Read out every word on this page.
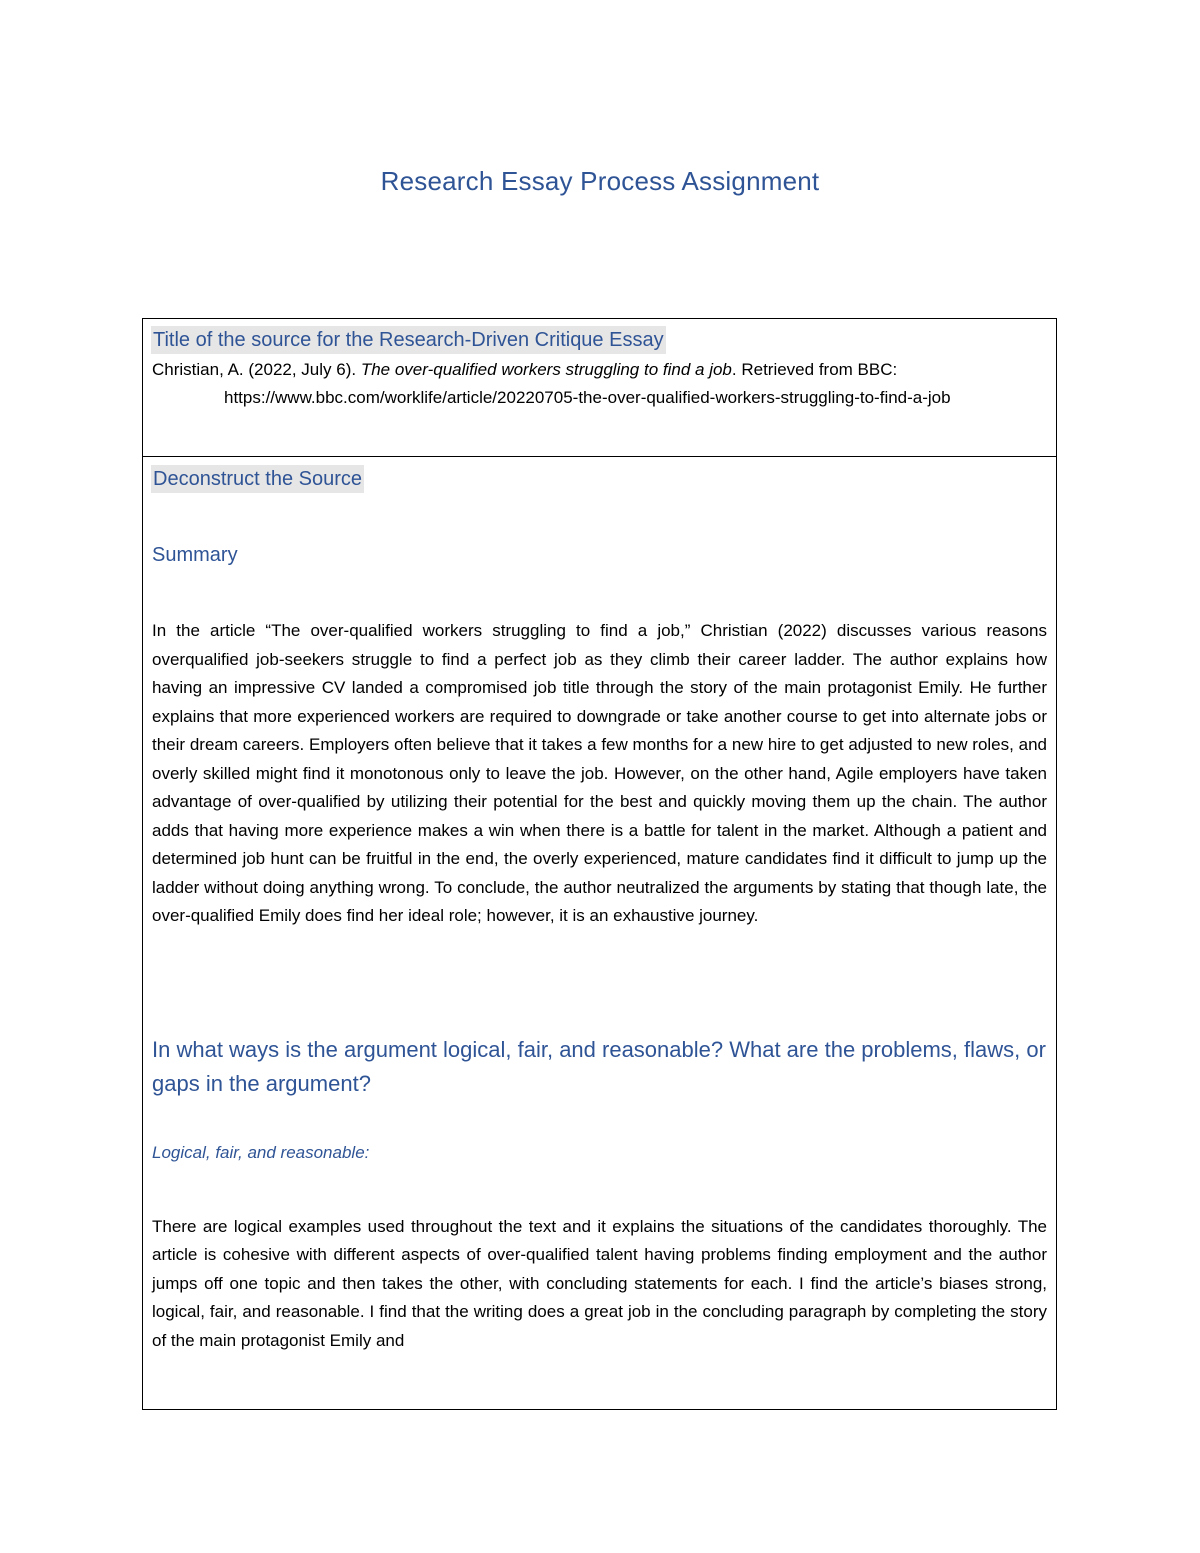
Research Essay Process Assignment
Title of the source for the Research-Driven Critique Essay
Christian, A. (2022, July 6). The over-qualified workers struggling to find a job. Retrieved from BBC: https://www.bbc.com/worklife/article/20220705-the-over-qualified-workers-struggling-to-find-a-job
Deconstruct the Source

Summary

In the article “The over-qualified workers struggling to find a job,” Christian (2022) discusses various reasons overqualified job-seekers struggle to find a perfect job as they climb their career ladder. The author explains how having an impressive CV landed a compromised job title through the story of the main protagonist Emily. He further explains that more experienced workers are required to downgrade or take another course to get into alternate jobs or their dream careers. Employers often believe that it takes a few months for a new hire to get adjusted to new roles, and overly skilled might find it monotonous only to leave the job. However, on the other hand, Agile employers have taken advantage of over-qualified by utilizing their potential for the best and quickly moving them up the chain. The author adds that having more experience makes a win when there is a battle for talent in the market. Although a patient and determined job hunt can be fruitful in the end, the overly experienced, mature candidates find it difficult to jump up the ladder without doing anything wrong. To conclude, the author neutralized the arguments by stating that though late, the over-qualified Emily does find her ideal role; however, it is an exhaustive journey.

In what ways is the argument logical, fair, and reasonable? What are the problems, flaws, or gaps in the argument?

Logical, fair, and reasonable:

There are logical examples used throughout the text and it explains the situations of the candidates thoroughly. The article is cohesive with different aspects of over-qualified talent having problems finding employment and the author jumps off one topic and then takes the other, with concluding statements for each. I find the article’s biases strong, logical, fair, and reasonable. I find that the writing does a great job in the concluding paragraph by completing the story of the main protagonist Emily and
